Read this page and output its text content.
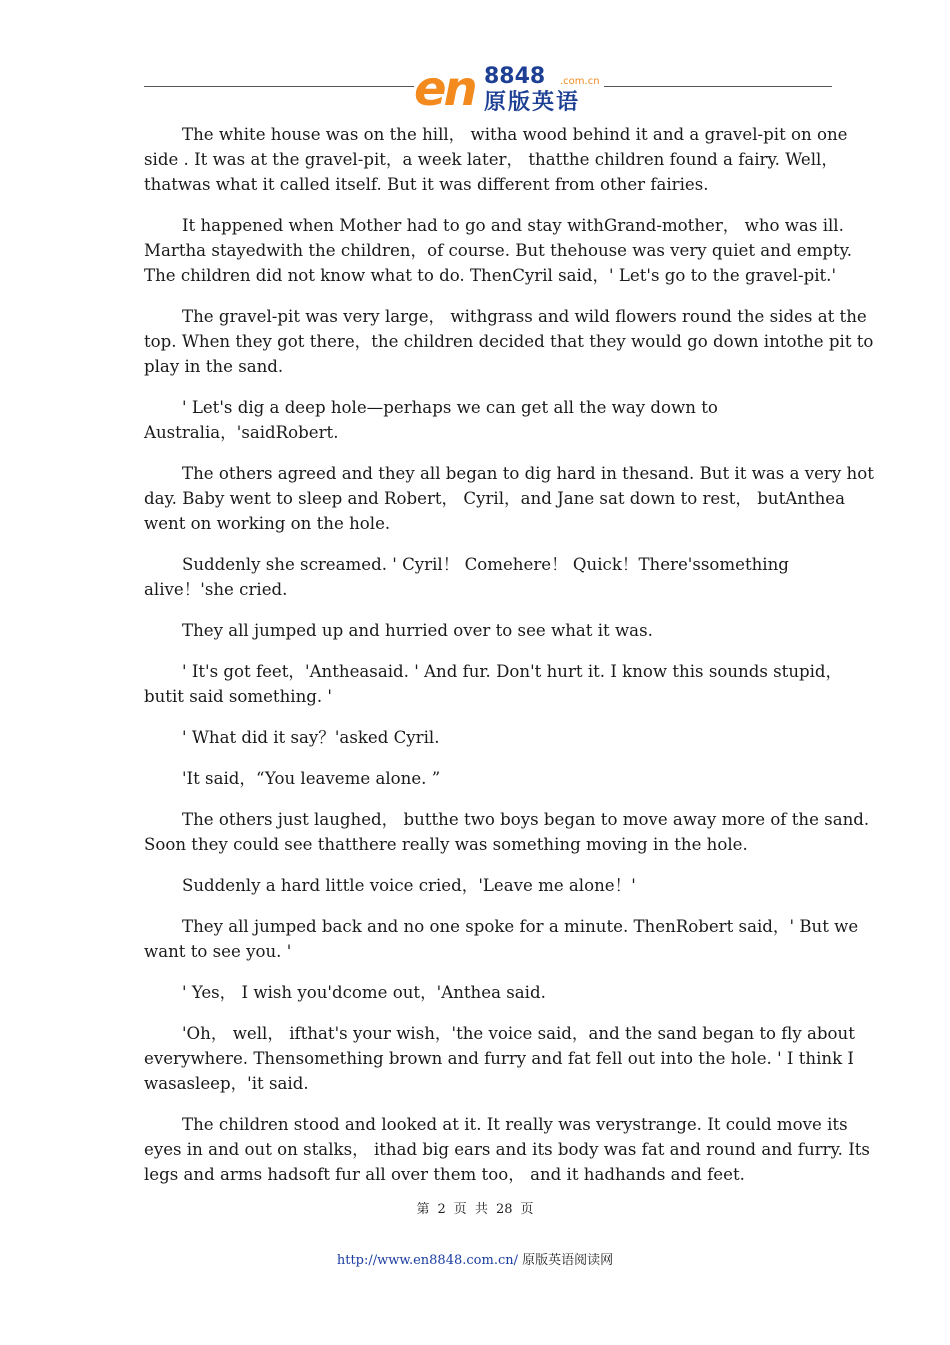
en 8848 .com.cn
原版英语

The white house was on the hill， witha wood behind it and a gravel-pit on one side . It was at the gravel-pit，a week later， thatthe children found a fairy. Well， thatwas what it called itself. But it was different from other fairies.

It happened when Mother had to go and stay withGrand-mother， who was ill. Martha stayedwith the children，of course. But thehouse was very quiet and empty. The children did not know what to do. ThenCyril said，' Let's go to the gravel-pit.'

The gravel-pit was very large， withgrass and wild flowers round the sides at the top. When they got there，the children decided that they would go down intothe pit to play in the sand.

' Let's dig a deep hole—perhaps we can get all the way down to Australia，'saidRobert.

The others agreed and they all began to dig hard in thesand. But it was a very hot day. Baby went to sleep and Robert， Cyril，and Jane sat down to rest， butAnthea went on working on the hole.

Suddenly she screamed. ' Cyril！ Comehere！ Quick！There'ssomething alive！'she cried.

They all jumped up and hurried over to see what it was.

' It's got feet，'Antheasaid. ' And fur. Don't hurt it. I know this sounds stupid， butit said something. '

' What did it say？'asked Cyril.

'It said，“You leaveme alone. ”

The others just laughed， butthe two boys began to move away more of the sand. Soon they could see thatthere really was something moving in the hole.

Suddenly a hard little voice cried，'Leave me alone！'

They all jumped back and no one spoke for a minute. ThenRobert said，' But we want to see you. '

' Yes， I wish you'dcome out，'Anthea said.

'Oh， well， ifthat's your wish，'the voice said，and the sand began to fly about everywhere. Thensomething brown and furry and fat fell out into the hole. ' I think I wasasleep，'it said.

The children stood and looked at it. It really was verystrange. It could move its eyes in and out on stalks， ithad big ears and its body was fat and round and furry. Its legs and arms hadsoft fur all over them too， and it hadhands and feet.

第 2 页 共 28 页
http://www.en8848.com.cn/ 原版英语阅读网
